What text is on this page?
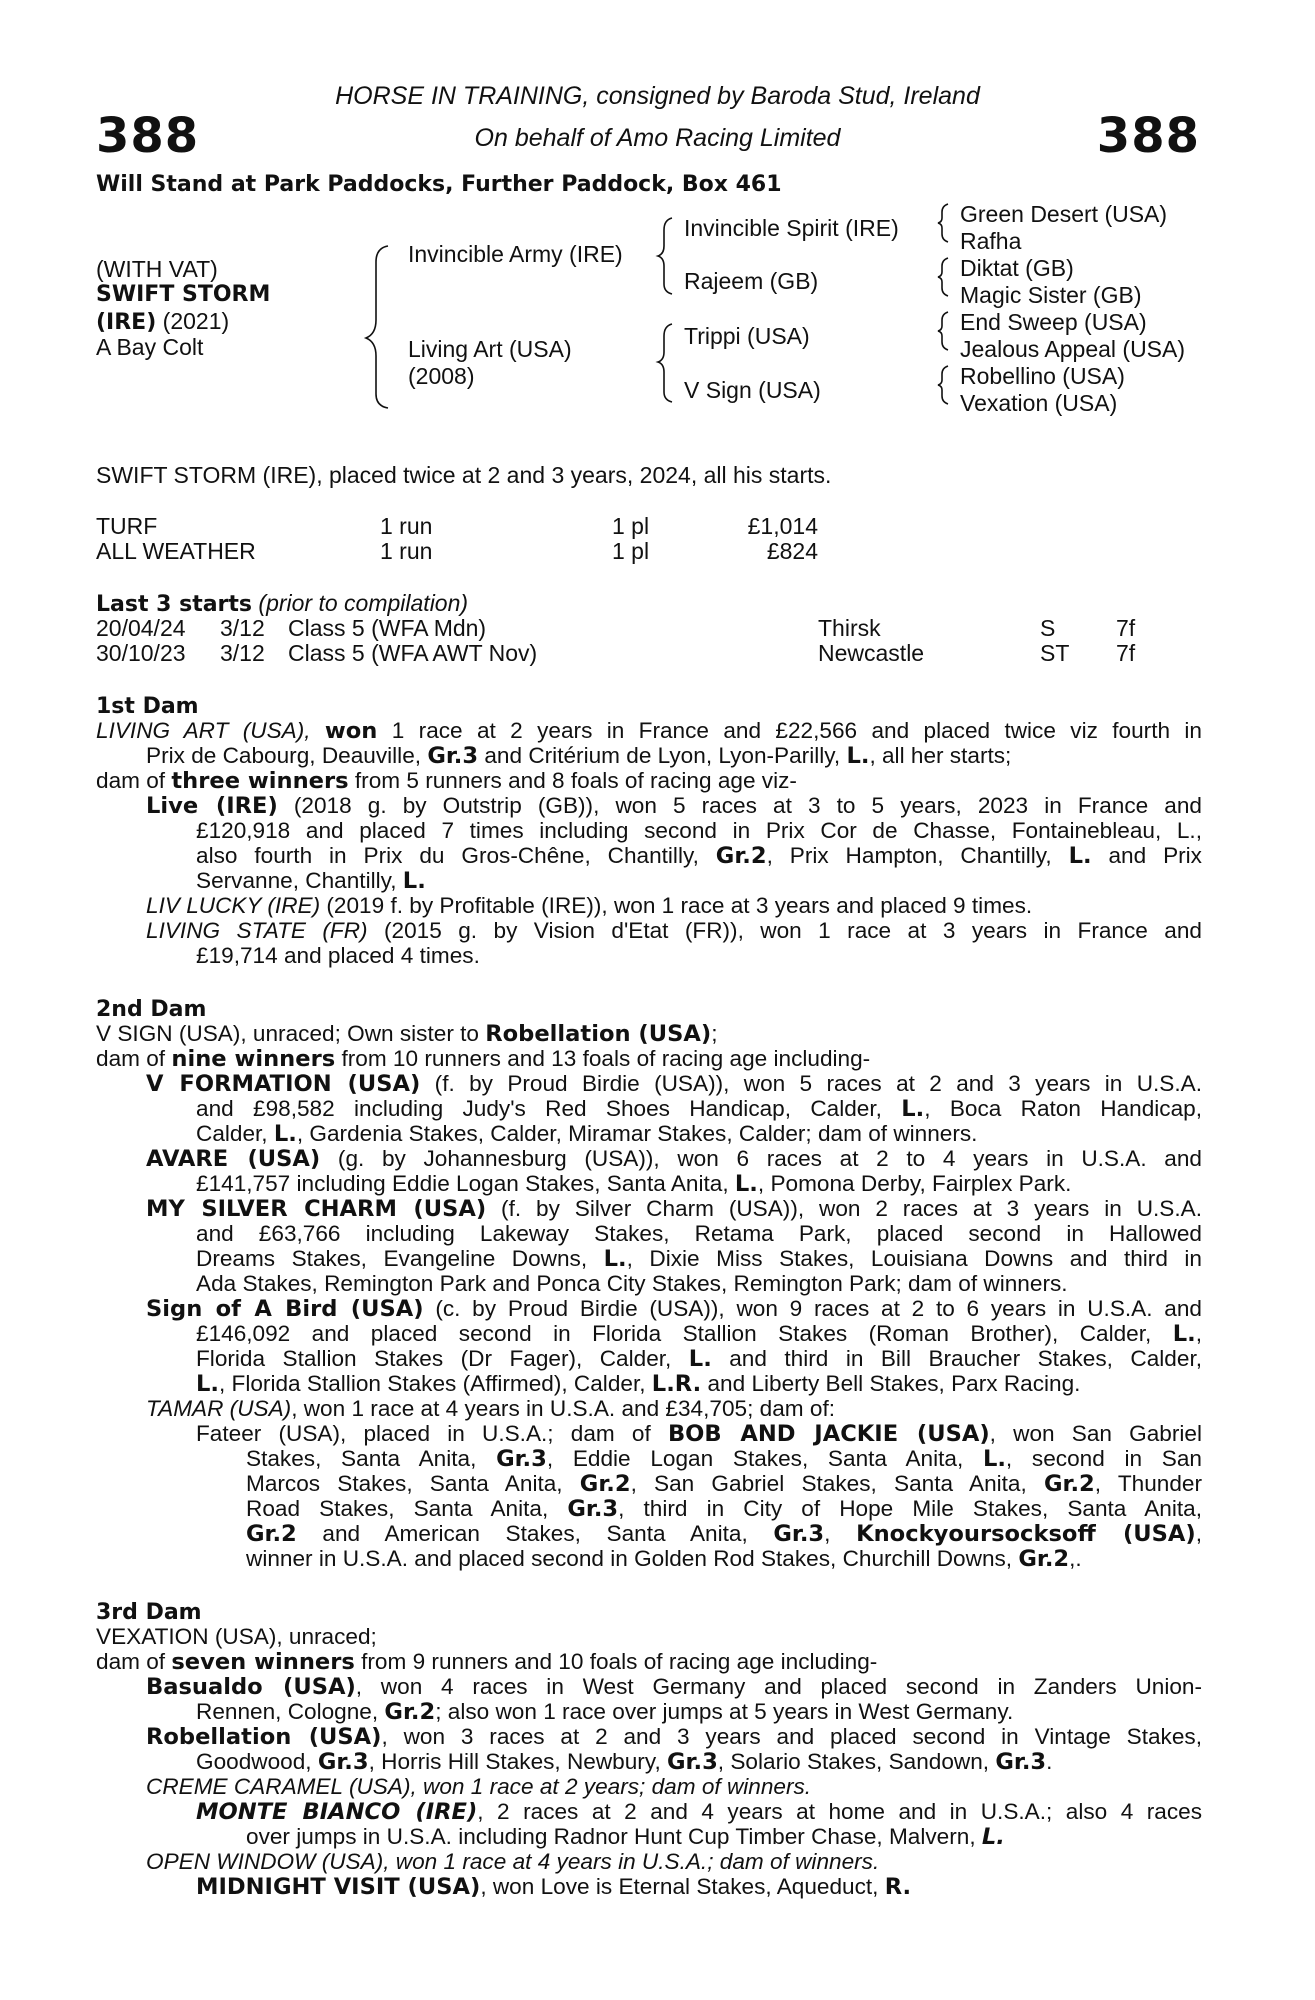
388	388
HORSE IN TRAINING, consigned by Baroda Stud, Ireland
On behalf of Amo Racing Limited
Will Stand at Park Paddocks, Further Paddock, Box 461
(WITH VAT)
SWIFT STORM
(IRE) (2021)
A Bay Colt
Invincible Army (IRE)
Living Art (USA)
(2008)
Invincible Spirit (IRE)
Rajeem (GB)
Trippi (USA)
V Sign (USA)
Green Desert (USA)
Rafha
Diktat (GB)
Magic Sister (GB)
End Sweep (USA)
Jealous Appeal (USA)
Robellino (USA)
Vexation (USA)
SWIFT STORM (IRE), placed twice at 2 and 3 years, 2024, all his starts.
TURF	1 run	1 pl	£1,014
ALL WEATHER	1 run	1 pl	£824
Last 3 starts (prior to compilation)
20/04/24 3/12 Class 5 (WFA Mdn)	Thirsk	S	7f
30/10/23 3/12 Class 5 (WFA AWT Nov)	Newcastle	ST 7f
1st Dam
LIVING ART (USA), won 1 race at 2 years in France and £22,566 and placed twice viz fourth in
Prix de Cabourg, Deauville, Gr.3 and Critérium de Lyon, Lyon-Parilly, L., all her starts;
dam of three winners from 5 runners and 8 foals of racing age viz-
Live (IRE) (2018 g. by Outstrip (GB)), won 5 races at 3 to 5 years, 2023 in France and
£120,918 and placed 7 times including second in Prix Cor de Chasse, Fontainebleau, L.,
also fourth in Prix du Gros-Chêne, Chantilly, Gr.2, Prix Hampton, Chantilly, L. and Prix
Servanne, Chantilly, L.
LIV LUCKY (IRE) (2019 f. by Profitable (IRE)), won 1 race at 3 years and placed 9 times.
LIVING STATE (FR) (2015 g. by Vision d'Etat (FR)), won 1 race at 3 years in France and
£19,714 and placed 4 times.
2nd Dam
V SIGN (USA), unraced; Own sister to Robellation (USA);
dam of nine winners from 10 runners and 13 foals of racing age including-
V FORMATION (USA) (f. by Proud Birdie (USA)), won 5 races at 2 and 3 years in U.S.A.
and £98,582 including Judy's Red Shoes Handicap, Calder, L., Boca Raton Handicap,
Calder, L., Gardenia Stakes, Calder, Miramar Stakes, Calder; dam of winners.
AVARE (USA) (g. by Johannesburg (USA)), won 6 races at 2 to 4 years in U.S.A. and
£141,757 including Eddie Logan Stakes, Santa Anita, L., Pomona Derby, Fairplex Park.
MY SILVER CHARM (USA) (f. by Silver Charm (USA)), won 2 races at 3 years in U.S.A.
and £63,766 including Lakeway Stakes, Retama Park, placed second in Hallowed
Dreams Stakes, Evangeline Downs, L., Dixie Miss Stakes, Louisiana Downs and third in
Ada Stakes, Remington Park and Ponca City Stakes, Remington Park; dam of winners.
Sign of A Bird (USA) (c. by Proud Birdie (USA)), won 9 races at 2 to 6 years in U.S.A. and
£146,092 and placed second in Florida Stallion Stakes (Roman Brother), Calder, L.,
Florida Stallion Stakes (Dr Fager), Calder, L. and third in Bill Braucher Stakes, Calder,
L., Florida Stallion Stakes (Affirmed), Calder, L.R. and Liberty Bell Stakes, Parx Racing.
TAMAR (USA), won 1 race at 4 years in U.S.A. and £34,705; dam of:
Fateer (USA), placed in U.S.A.; dam of BOB AND JACKIE (USA), won San Gabriel
Stakes, Santa Anita, Gr.3, Eddie Logan Stakes, Santa Anita, L., second in San
Marcos Stakes, Santa Anita, Gr.2, San Gabriel Stakes, Santa Anita, Gr.2, Thunder
Road Stakes, Santa Anita, Gr.3, third in City of Hope Mile Stakes, Santa Anita,
Gr.2 and American Stakes, Santa Anita, Gr.3, Knockyoursocksoff (USA),
winner in U.S.A. and placed second in Golden Rod Stakes, Churchill Downs, Gr.2,.
3rd Dam
VEXATION (USA), unraced;
dam of seven winners from 9 runners and 10 foals of racing age including-
Basualdo (USA), won 4 races in West Germany and placed second in Zanders Union-
Rennen, Cologne, Gr.2; also won 1 race over jumps at 5 years in West Germany.
Robellation (USA), won 3 races at 2 and 3 years and placed second in Vintage Stakes,
Goodwood, Gr.3, Horris Hill Stakes, Newbury, Gr.3, Solario Stakes, Sandown, Gr.3.
CREME CARAMEL (USA), won 1 race at 2 years; dam of winners.
MONTE BIANCO (IRE), 2 races at 2 and 4 years at home and in U.S.A.; also 4 races
over jumps in U.S.A. including Radnor Hunt Cup Timber Chase, Malvern, L.
OPEN WINDOW (USA), won 1 race at 4 years in U.S.A.; dam of winners.
MIDNIGHT VISIT (USA), won Love is Eternal Stakes, Aqueduct, R.
